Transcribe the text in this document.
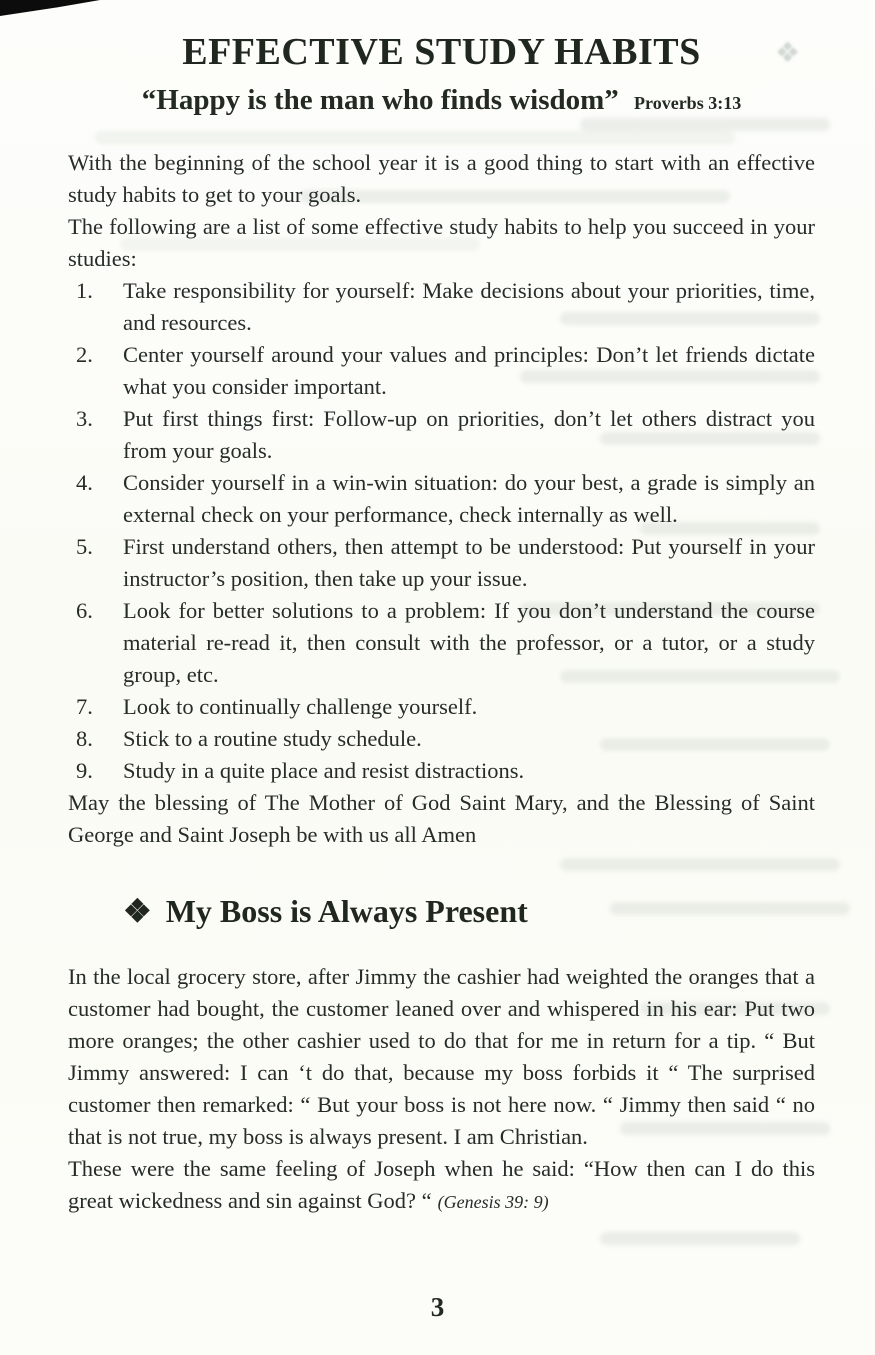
❖
EFFECTIVE STUDY HABITS
“Happy is the man who finds wisdom” Proverbs 3:13

With the beginning of the school year it is a good thing to start with an effective study habits to get to your goals.

The following are a list of some effective study habits to help you succeed in your studies:

1.	Take responsibility for yourself: Make decisions about your priorities, time, and resources.
2.	Center yourself around your values and principles: Don’t let friends dictate what you consider important.
3.	Put first things first: Follow-up on priorities, don’t let others distract you from your goals.
4.	Consider yourself in a win-win situation: do your best, a grade is simply an external check on your performance, check internally as well.
5.	First understand others, then attempt to be understood: Put yourself in your instructor’s position, then take up your issue.
6.	Look for better solutions to a problem: If you don’t understand the course material re-read it, then consult with the professor, or a tutor, or a study group, etc.
7.	Look to continually challenge yourself.
8.	Stick to a routine study schedule.
9.	Study in a quite place and resist distractions.

May the blessing of The Mother of God Saint Mary, and the Blessing of Saint George and Saint Joseph be with us all Amen

❖ My Boss is Always Present

In the local grocery store, after Jimmy the cashier had weighted the oranges that a customer had bought, the customer leaned over and whispered in his ear: Put two more oranges; the other cashier used to do that for me in return for a tip. “ But Jimmy answered: I can ‘t do that, because my boss forbids it “ The surprised customer then remarked: “ But your boss is not here now. “ Jimmy then said “ no that is not true, my boss is always present. I am Christian.

These were the same feeling of Joseph when he said: “How then can I do this great wickedness and sin against God? “ (Genesis 39: 9)

3
